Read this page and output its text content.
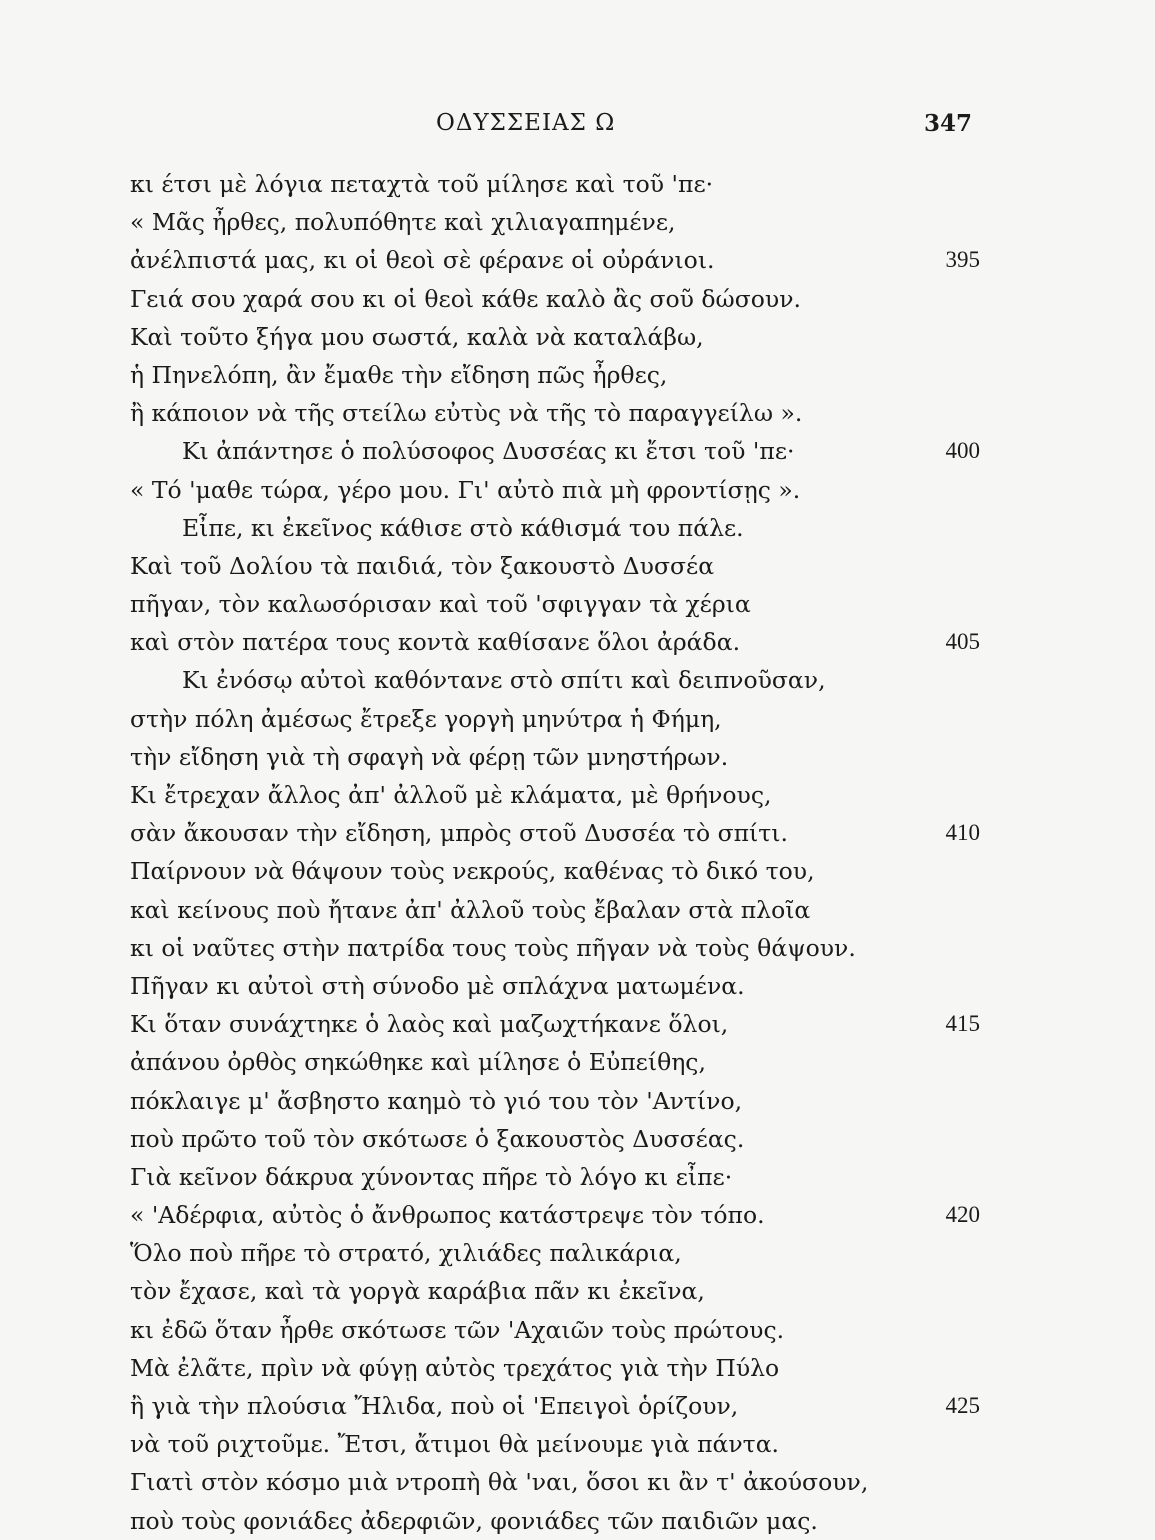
ΟΔΥΣΣΕΙΑΣ Ω	347
κι έτσι μὲ λόγια πεταχτὰ τοῦ μίλησε καὶ τοῦ 'πε·
« Μᾶς ἦρθες, πολυπόθητε καὶ χιλιαγαπημένε,
ἀνέλπιστά μας, κι οἱ θεοὶ σὲ φέρανε οἱ οὐράνιοι.	395
Γειά σου χαρά σου κι οἱ θεοὶ κάθε καλὸ ἂς σοῦ δώσουν.
Καὶ τοῦτο ξήγα μου σωστά, καλὰ νὰ καταλάβω,
ἡ Πηνελόπη, ἂν ἔμαθε τὴν εἴδηση πῶς ἦρθες,
ἢ κάποιον νὰ τῆς στείλω εὐτὺς νὰ τῆς τὸ παραγγείλω ».
Κι ἀπάντησε ὁ πολύσοφος Δυσσέας κι ἔτσι τοῦ 'πε·	400
« Τό 'μαθε τώρα, γέρο μου. Γι' αὐτὸ πιὰ μὴ φροντίσῃς ».
Εἶπε, κι ἐκεῖνος κάθισε στὸ κάθισμά του πάλε.
Καὶ τοῦ Δολίου τὰ παιδιά, τὸν ξακουστὸ Δυσσέα
πῆγαν, τὸν καλωσόρισαν καὶ τοῦ 'σφιγγαν τὰ χέρια
καὶ στὸν πατέρα τους κοντὰ καθίσανε ὅλοι ἀράδα.	405
Κι ἐνόσῳ αὐτοὶ καθόντανε στὸ σπίτι καὶ δειπνοῦσαν,
στὴν πόλη ἀμέσως ἔτρεξε γοργὴ μηνύτρα ἡ Φήμη,
τὴν εἴδηση γιὰ τὴ σφαγὴ νὰ φέρῃ τῶν μνηστήρων.
Κι ἔτρεχαν ἄλλος ἀπ' ἀλλοῦ μὲ κλάματα, μὲ θρήνους,
σὰν ἄκουσαν τὴν εἴδηση, μπρὸς στοῦ Δυσσέα τὸ σπίτι.	410
Παίρνουν νὰ θάψουν τοὺς νεκρούς, καθένας τὸ δικό του,
καὶ κείνους ποὺ ἤτανε ἀπ' ἀλλοῦ τοὺς ἔβαλαν στὰ πλοῖα
κι οἱ ναῦτες στὴν πατρίδα τους τοὺς πῆγαν νὰ τοὺς θάψουν.
Πῆγαν κι αὐτοὶ στὴ σύνοδο μὲ σπλάχνα ματωμένα.
Κι ὅταν συνάχτηκε ὁ λαὸς καὶ μαζωχτήκανε ὅλοι,	415
ἀπάνου ὀρθὸς σηκώθηκε καὶ μίλησε ὁ Εὐπείθης,
πόκλαιγε μ' ἄσβηστο καημὸ τὸ γιό του τὸν 'Αντίνο,
ποὺ πρῶτο τοῦ τὸν σκότωσε ὁ ξακουστὸς Δυσσέας.
Γιὰ κεῖνον δάκρυα χύνοντας πῆρε τὸ λόγο κι εἶπε·
« 'Αδέρφια, αὐτὸς ὁ ἄνθρωπος κατάστρεψε τὸν τόπο.	420
Ὅλο ποὺ πῆρε τὸ στρατό, χιλιάδες παλικάρια,
τὸν ἔχασε, καὶ τὰ γοργὰ καράβια πᾶν κι ἐκεῖνα,
κι ἐδῶ ὅταν ἦρθε σκότωσε τῶν 'Αχαιῶν τοὺς πρώτους.
Μὰ ἐλᾶτε, πρὶν νὰ φύγῃ αὐτὸς τρεχάτος γιὰ τὴν Πύλο
ἢ γιὰ τὴν πλούσια Ἤλιδα, ποὺ οἱ 'Επειγοὶ ὁρίζουν,	425
νὰ τοῦ ριχτοῦμε. Ἔτσι, ἄτιμοι θὰ μείνουμε γιὰ πάντα.
Γιατὶ στὸν κόσμο μιὰ ντροπὴ θὰ 'ναι, ὅσοι κι ἂν τ' ἀκούσουν,
ποὺ τοὺς φονιάδες ἀδερφιῶν, φονιάδες τῶν παιδιῶν μας.
